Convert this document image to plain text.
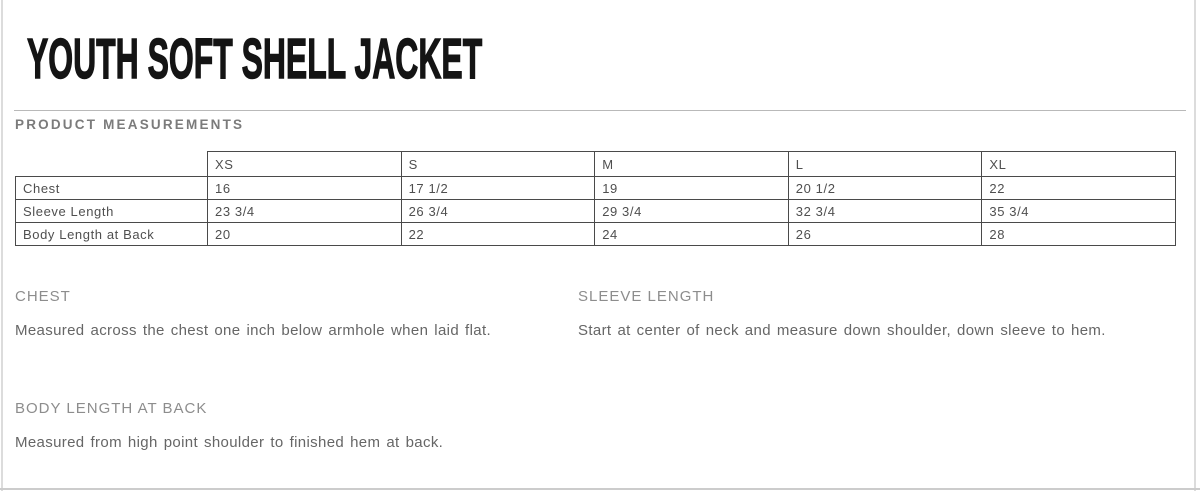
YOUTH SOFT SHELL JACKET
PRODUCT MEASUREMENTS
	XS	S	M	L	XL
Chest	16	17 1/2	19	20 1/2	22
Sleeve Length	23 3/4	26 3/4	29 3/4	32 3/4	35 3/4
Body Length at Back	20	22	24	26	28
CHEST
Measured across the chest one inch below armhole when laid flat.
SLEEVE LENGTH
Start at center of neck and measure down shoulder, down sleeve to hem.
BODY LENGTH AT BACK
Measured from high point shoulder to finished hem at back.
